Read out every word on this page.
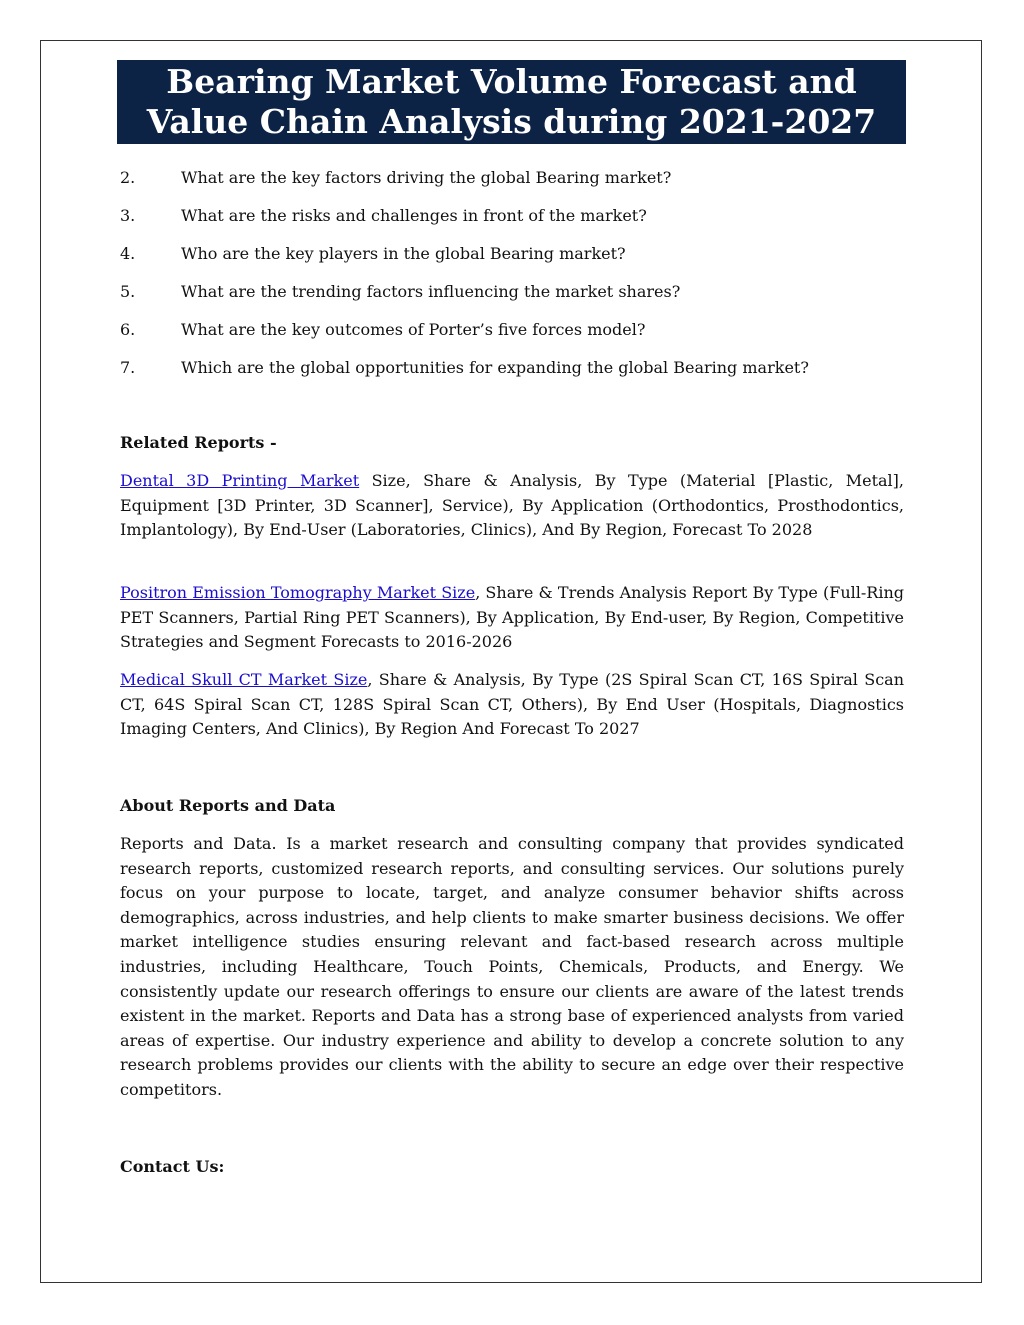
Bearing Market Volume Forecast and
Value Chain Analysis during 2021-2027
2.	What are the key factors driving the global Bearing market?
3.	What are the risks and challenges in front of the market?
4.	Who are the key players in the global Bearing market?
5.	What are the trending factors influencing the market shares?
6.	What are the key outcomes of Porter’s five forces model?
7.	Which are the global opportunities for expanding the global Bearing market?
Related Reports -
Dental 3D Printing Market Size, Share & Analysis, By Type (Material [Plastic, Metal], Equipment [3D Printer, 3D Scanner], Service), By Application (Orthodontics, Prosthodontics, Implantology), By End-User (Laboratories, Clinics), And By Region, Forecast To 2028
Positron Emission Tomography Market Size, Share & Trends Analysis Report By Type (Full-Ring PET Scanners, Partial Ring PET Scanners), By Application, By End-user, By Region, Competitive Strategies and Segment Forecasts to 2016-2026
Medical Skull CT Market Size, Share & Analysis, By Type (2S Spiral Scan CT, 16S Spiral Scan CT, 64S Spiral Scan CT, 128S Spiral Scan CT, Others), By End User (Hospitals, Diagnostics Imaging Centers, And Clinics), By Region And Forecast To 2027
About Reports and Data
Reports and Data. Is a market research and consulting company that provides syndicated research reports, customized research reports, and consulting services. Our solutions purely focus on your purpose to locate, target, and analyze consumer behavior shifts across demographics, across industries, and help clients to make smarter business decisions. We offer market intelligence studies ensuring relevant and fact-based research across multiple industries, including Healthcare, Touch Points, Chemicals, Products, and Energy. We consistently update our research offerings to ensure our clients are aware of the latest trends existent in the market. Reports and Data has a strong base of experienced analysts from varied areas of expertise. Our industry experience and ability to develop a concrete solution to any research problems provides our clients with the ability to secure an edge over their respective competitors.
Contact Us:
